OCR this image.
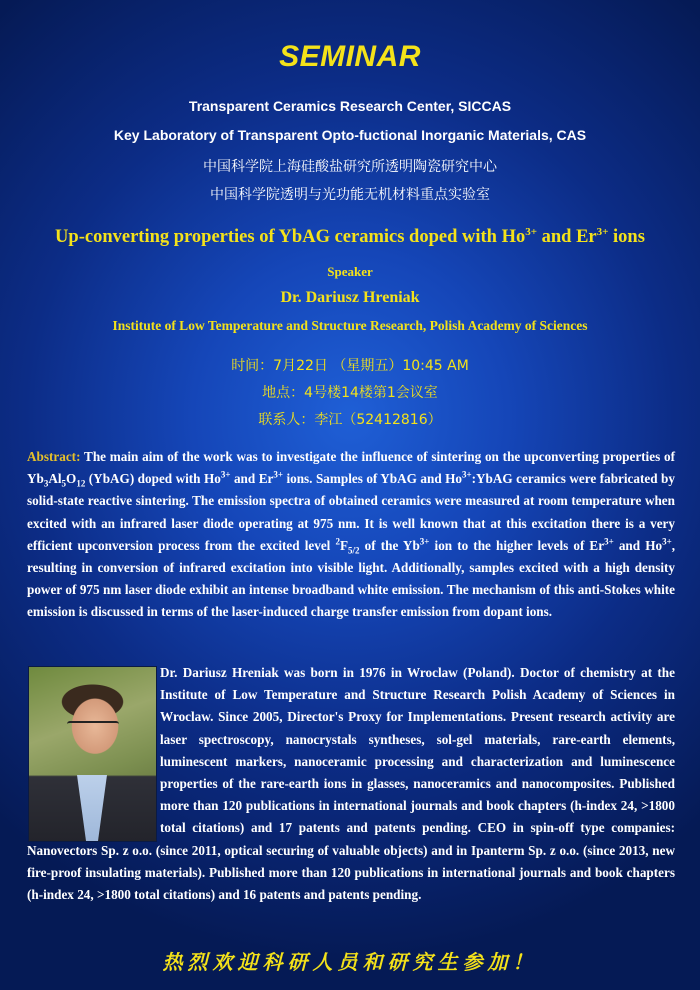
SEMINAR
Transparent Ceramics Research Center, SICCAS
Key Laboratory of Transparent Opto-fuctional Inorganic Materials, CAS
中国科学院上海硅酸盐研究所透明陶瓷研究中心
中国科学院透明与光功能无机材料重点实验室
Up-converting properties of YbAG ceramics doped with $Ho^{3+}$ and $Er^{3+}$ ions
Speaker
Dr. Dariusz Hreniak
Institute of Low Temperature and Structure Research, Polish Academy of Sciences
时间：7月22日 （星期五）10:45 AM
地点：4号楼14楼第1会议室
联系人：李江（52412816）

Abstract: The main aim of the work was to investigate the influence of sintering on the upconverting properties of $Yb_3Al_5O_{12}$ (YbAG) doped with $Ho^{3+}$ and $Er^{3+}$ ions. Samples of YbAG and $Ho^{3+}:YbAG$ ceramics were fabricated by solid-state reactive sintering. The emission spectra of obtained ceramics were measured at room temperature when excited with an infrared laser diode operating at 975 nm. It is well known that at this excitation there is a very efficient upconversion process from the excited level $^2F_{5/2}$ of the $Yb^{3+}$ ion to the higher levels of $Er^{3+}$ and $Ho^{3+}$, resulting in conversion of infrared excitation into visible light. Additionally, samples excited with a high density power of 975 nm laser diode exhibit an intense broadband white emission. The mechanism of this anti-Stokes white emission is discussed in terms of the laser-induced charge transfer emission from dopant ions.

Dr. Dariusz Hreniak was born in 1976 in Wroclaw (Poland). Doctor of chemistry at the Institute of Low Temperature and Structure Research Polish Academy of Sciences in Wroclaw. Since 2005, Director's Proxy for Implementations. Present research activity are laser spectroscopy, nanocrystals syntheses, sol-gel materials, rare-earth elements, luminescent markers, nanoceramic processing and characterization and luminescence properties of the rare-earth ions in glasses, nanoceramics and nanocomposites. Published more than 120 publications in international journals and book chapters (h-index 24, >1800 total citations) and 17 patents and patents pending. CEO in spin-off type companies: Nanovectors Sp. z o.o. (since 2011, optical securing of valuable objects) and in Ipanterm Sp. z o.o. (since 2013, new fire-proof insulating materials). Published more than 120 publications in international journals and book chapters (h-index 24, >1800 total citations) and 16 patents and patents pending.

热烈欢迎科研人员和研究生参加！
